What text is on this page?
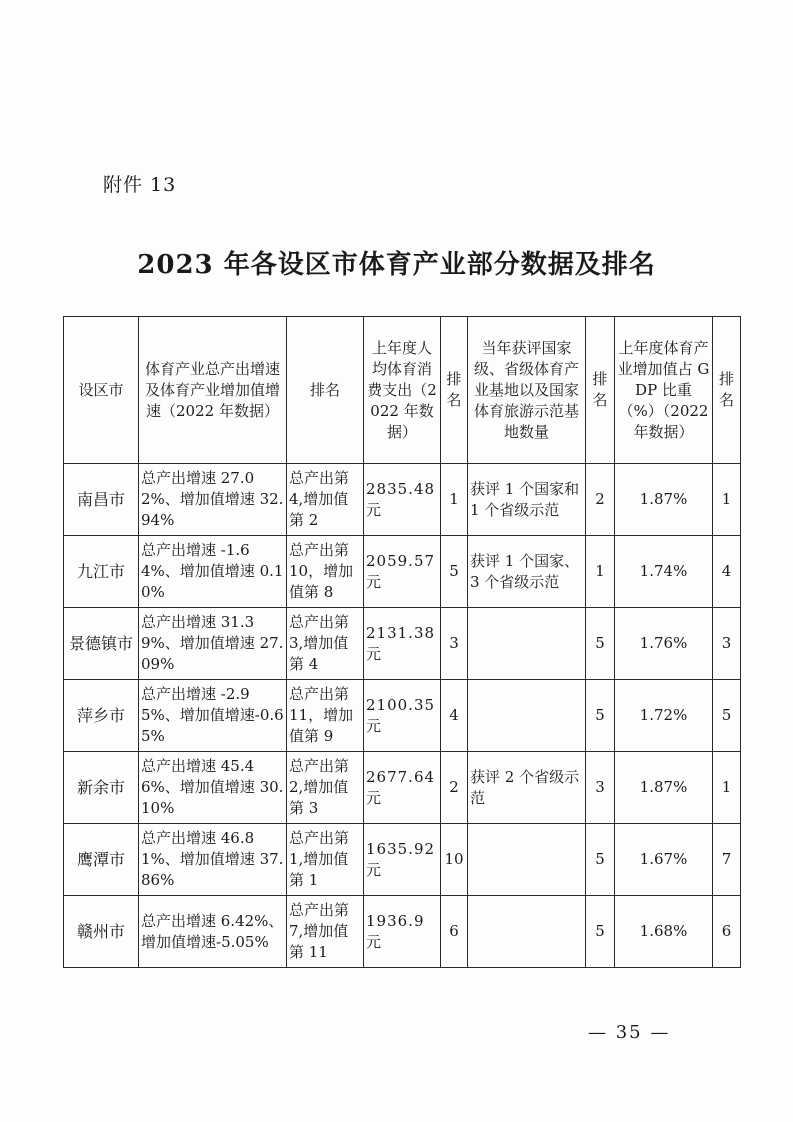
附件 13
2023 年各设区市体育产业部分数据及排名
设区市	体育产业总产出增速及体育产业增加值增速（2022 年数据）	排名	上年度人均体育消费支出（2022 年数据）	排名	当年获评国家级、省级体育产业基地以及国家体育旅游示范基地数量	排名	上年度体育产业增加值占 GDP 比重（%）（2022 年数据）	排名
南昌市	总产出增速 27.02%、增加值增速 32.94%	总产出第 4,增加值第 2	2835.48元	1	获评 1 个国家和 1 个省级示范	2	1.87%	1
九江市	总产出增速 -1.64%、增加值增速 0.10%	总产出第 10，增加值第 8	2059.57元	5	获评 1 个国家、3 个省级示范	1	1.74%	4
景德镇市	总产出增速 31.39%、增加值增速 27.09%	总产出第 3,增加值第 4	2131.38元	3		5	1.76%	3
萍乡市	总产出增速 -2.95%、增加值增速-0.65%	总产出第 11，增加值第 9	2100.35元	4		5	1.72%	5
新余市	总产出增速 45.46%、增加值增速 30.10%	总产出第 2,增加值第 3	2677.64元	2	获评 2 个省级示范	3	1.87%	1
鹰潭市	总产出增速 46.81%、增加值增速 37.86%	总产出第 1,增加值第 1	1635.92元	10		5	1.67%	7
赣州市	总产出增速 6.42%、增加值增速-5.05%	总产出第 7,增加值第 11	1936.9元	6		5	1.68%	6
— 35 —
